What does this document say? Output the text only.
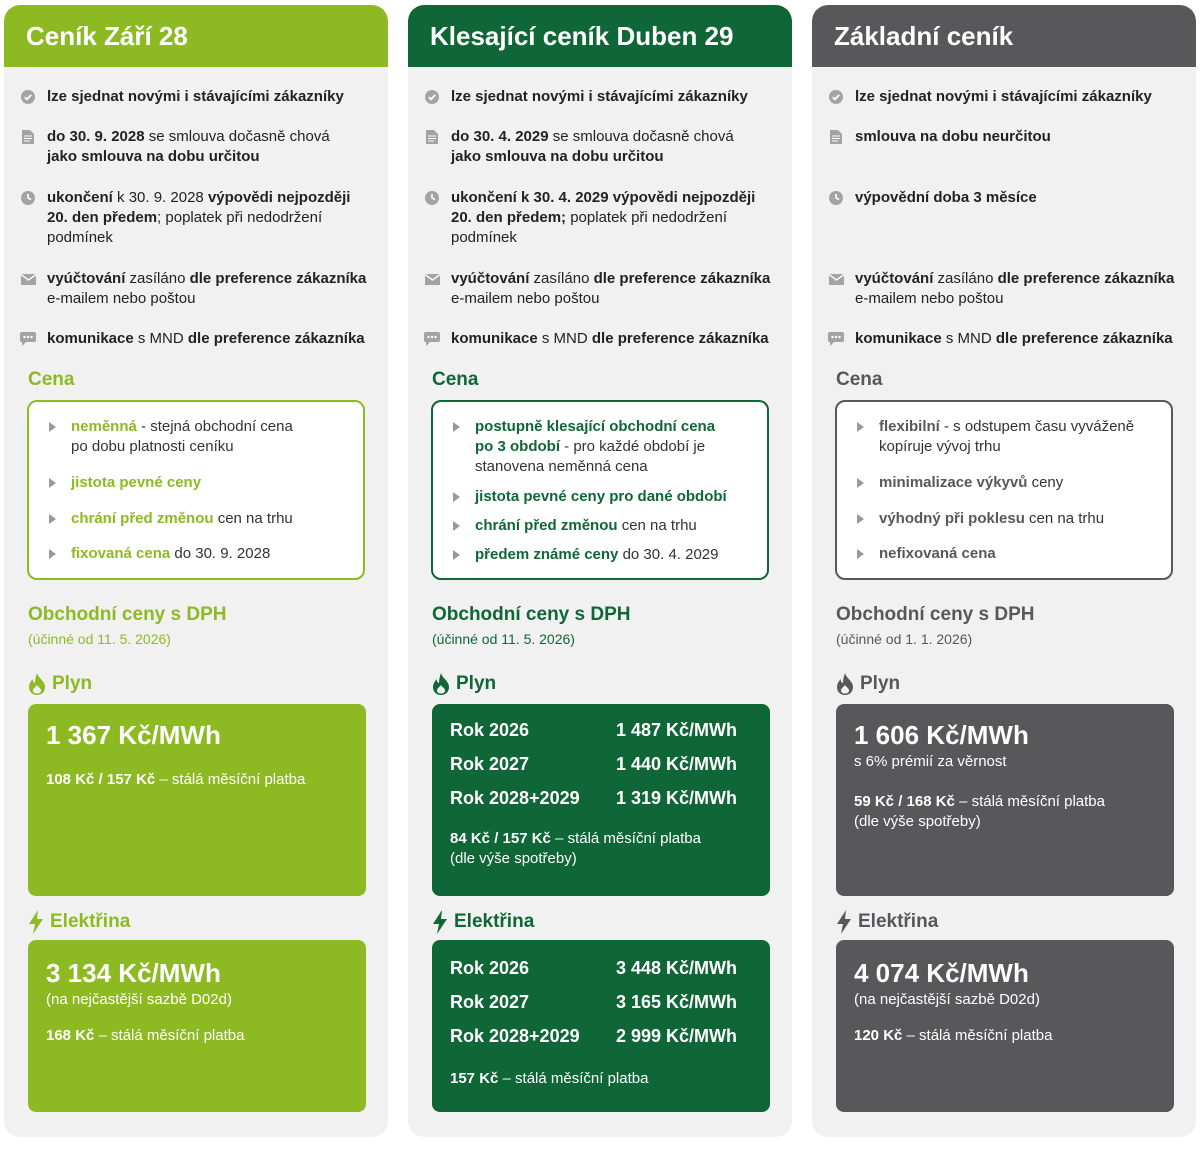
Ceník Září 28
lze sjednat novými i stávajícími zákazníky
do 30. 9. 2028 se smlouva dočasně chová
jako smlouva na dobu určitou
ukončení k 30. 9. 2028 výpovědi nejpozději
20. den předem; poplatek při nedodržení
podmínek
vyúčtování zasíláno dle preference zákazníka
e-mailem nebo poštou
komunikace s MND dle preference zákazníka
Cena
neměnná - stejná obchodní cena
po dobu platnosti ceníku
jistota pevné ceny
chrání před změnou cen na trhu
fixovaná cena do 30. 9. 2028
Obchodní ceny s DPH
(účinné od 11. 5. 2026)
Plyn
1 367 Kč/MWh
108 Kč / 157 Kč – stálá měsíční platba
Elektřina
3 134 Kč/MWh
(na nejčastější sazbě D02d)
168 Kč – stálá měsíční platba
Klesající ceník Duben 29
lze sjednat novými i stávajícími zákazníky
do 30. 4. 2029 se smlouva dočasně chová
jako smlouva na dobu určitou
ukončení k 30. 4. 2029 výpovědi nejpozději
20. den předem; poplatek při nedodržení
podmínek
vyúčtování zasíláno dle preference zákazníka
e-mailem nebo poštou
komunikace s MND dle preference zákazníka
Cena
postupně klesající obchodní cena
po 3 období - pro každé období je
stanovena neměnná cena
jistota pevné ceny pro dané období
chrání před změnou cen na trhu
předem známé ceny do 30. 4. 2029
Obchodní ceny s DPH
(účinné od 11. 5. 2026)
Plyn
Rok 2026	1 487 Kč/MWh
Rok 2027	1 440 Kč/MWh
Rok 2028+2029 1 319 Kč/MWh
84 Kč / 157 Kč – stálá měsíční platba
(dle výše spotřeby)
Elektřina
Rok 2026	3 448 Kč/MWh
Rok 2027	3 165 Kč/MWh
Rok 2028+2029 2 999 Kč/MWh
157 Kč – stálá měsíční platba
Základní ceník
lze sjednat novými i stávajícími zákazníky
smlouva na dobu neurčitou
výpovědní doba 3 měsíce
vyúčtování zasíláno dle preference zákazníka
e-mailem nebo poštou
komunikace s MND dle preference zákazníka
Cena
flexibilní - s odstupem času vyváženě
kopíruje vývoj trhu
minimalizace výkyvů ceny
výhodný při poklesu cen na trhu
nefixovaná cena
Obchodní ceny s DPH
(účinné od 1. 1. 2026)
Plyn
1 606 Kč/MWh
s 6% prémií za věrnost
59 Kč / 168 Kč – stálá měsíční platba
(dle výše spotřeby)
Elektřina
4 074 Kč/MWh
(na nejčastější sazbě D02d)
120 Kč – stálá měsíční platba
